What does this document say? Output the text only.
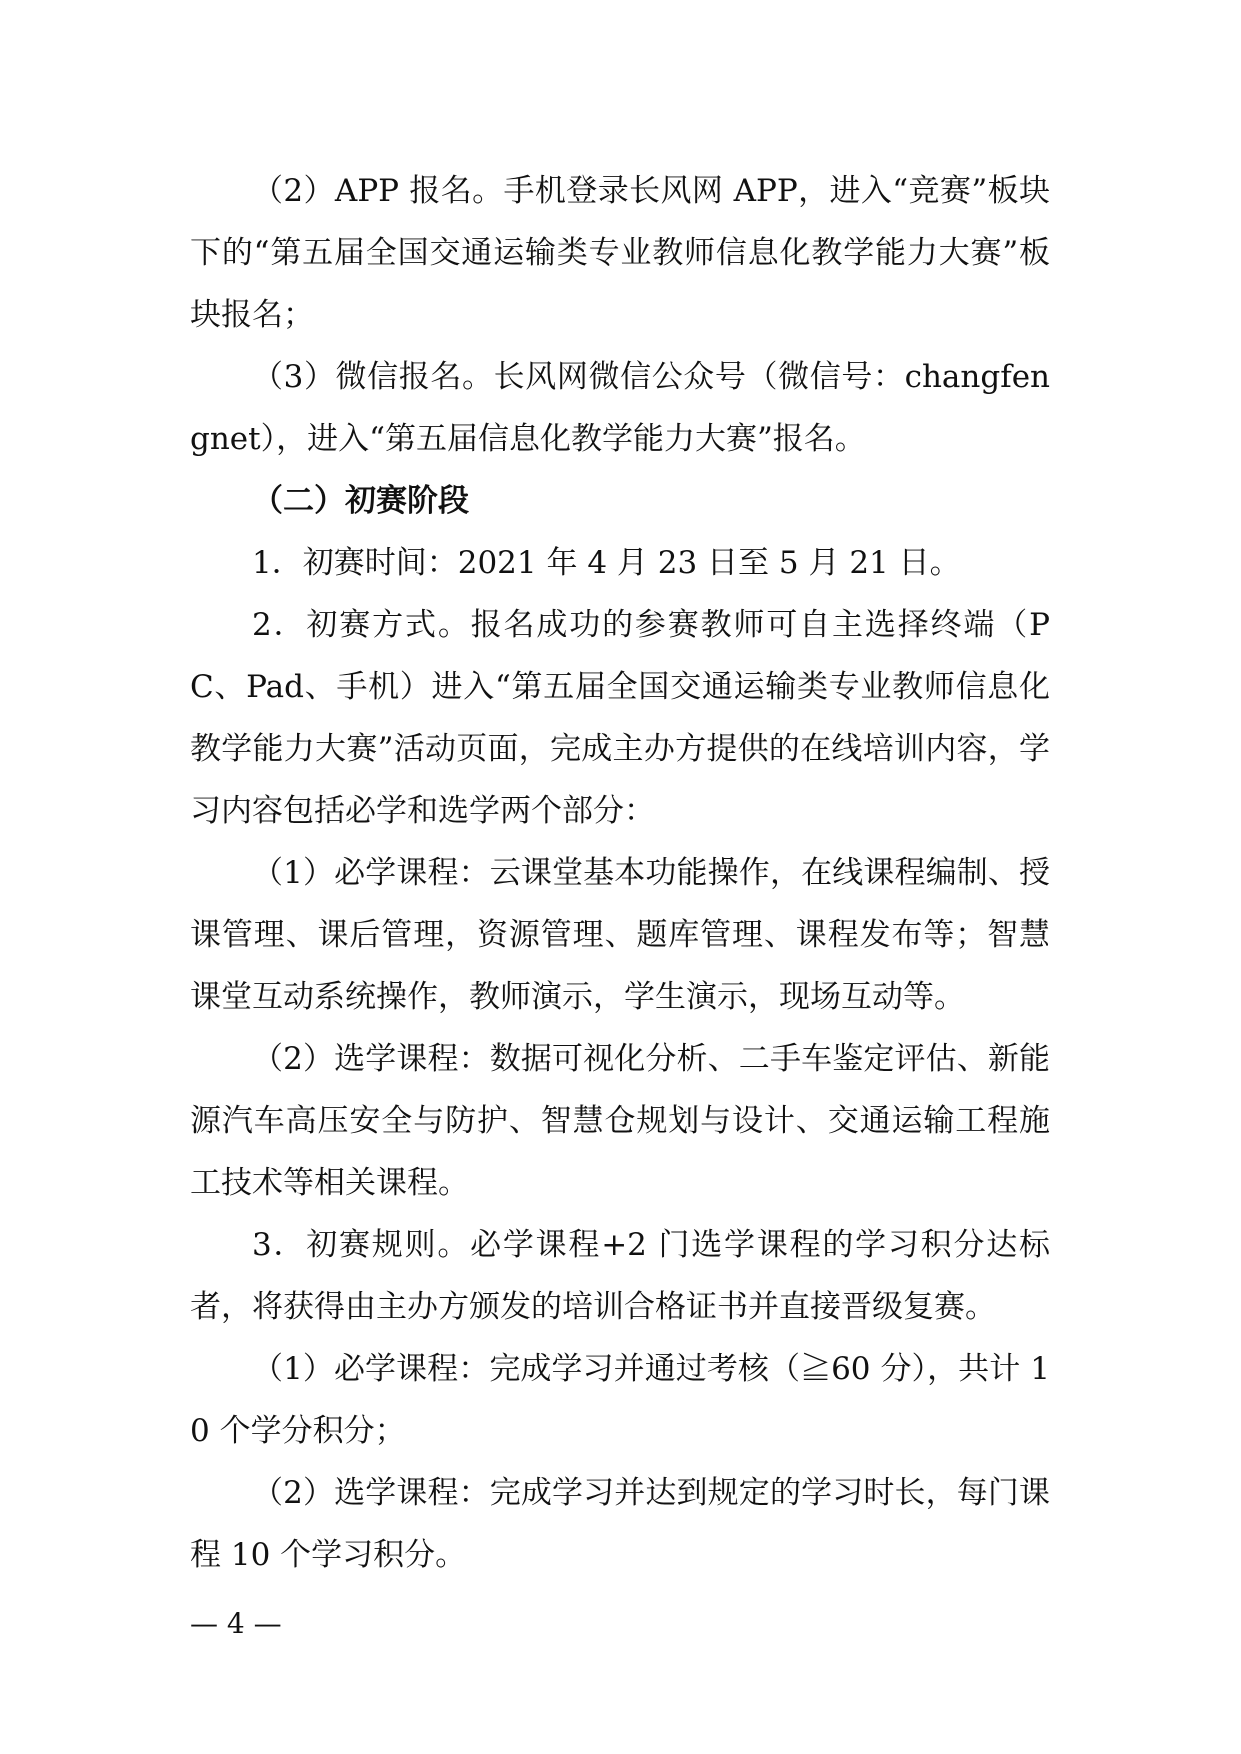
（2）APP 报名。手机登录长风网 APP，进入“竞赛”板块下的“第五届全国交通运输类专业教师信息化教学能力大赛”板块报名；

（3）微信报名。长风网微信公众号（微信号：changfengnet），进入“第五届信息化教学能力大赛”报名。

（二）初赛阶段

1．初赛时间：2021 年 4 月 23 日至 5 月 21 日。

2．初赛方式。报名成功的参赛教师可自主选择终端（PC、Pad、手机）进入“第五届全国交通运输类专业教师信息化教学能力大赛”活动页面，完成主办方提供的在线培训内容，学习内容包括必学和选学两个部分：

（1）必学课程：云课堂基本功能操作，在线课程编制、授课管理、课后管理，资源管理、题库管理、课程发布等；智慧课堂互动系统操作，教师演示，学生演示，现场互动等。

（2）选学课程：数据可视化分析、二手车鉴定评估、新能源汽车高压安全与防护、智慧仓规划与设计、交通运输工程施工技术等相关课程。

3．初赛规则。必学课程+2 门选学课程的学习积分达标者，将获得由主办方颁发的培训合格证书并直接晋级复赛。

（1）必学课程：完成学习并通过考核（≧60 分），共计 10 个学分积分；

（2）选学课程：完成学习并达到规定的学习时长，每门课程 10 个学习积分。

— 4 —
